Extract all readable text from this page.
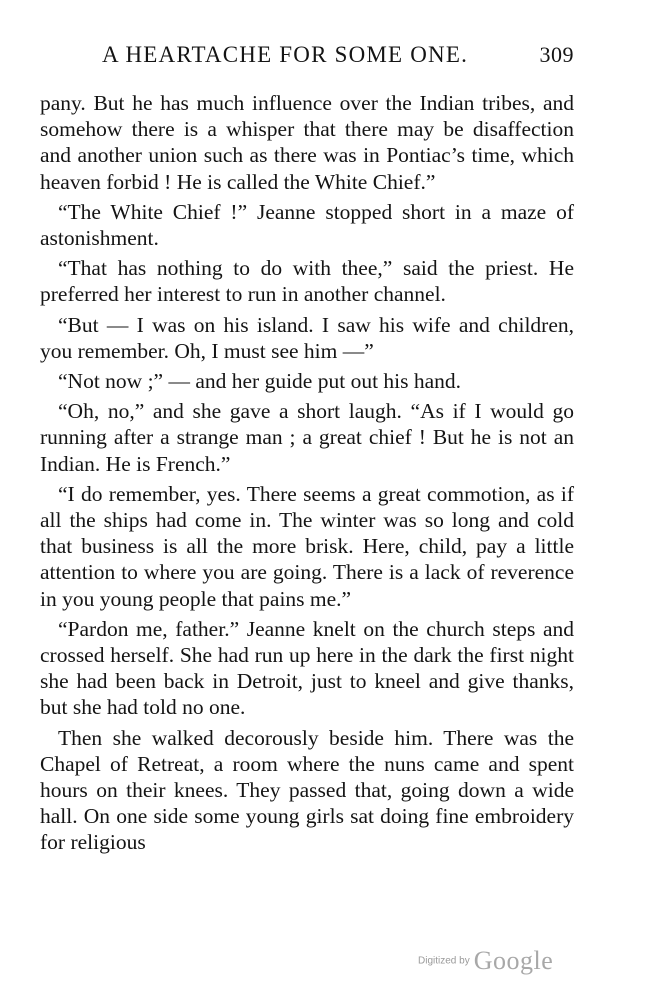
A HEARTACHE FOR SOME ONE.	309

pany. But he has much influence over the Indian tribes, and somehow there is a whisper that there may be disaffection and another union such as there was in Pontiac’s time, which heaven forbid ! He is called the White Chief.”

“The White Chief !” Jeanne stopped short in a maze of astonishment.

“That has nothing to do with thee,” said the priest. He preferred her interest to run in another channel.

“But — I was on his island. I saw his wife and children, you remember. Oh, I must see him —”

“Not now ;” — and her guide put out his hand.

“Oh, no,” and she gave a short laugh. “As if I would go running after a strange man ; a great chief ! But he is not an Indian. He is French.”

“I do remember, yes. There seems a great commotion, as if all the ships had come in. The winter was so long and cold that business is all the more brisk. Here, child, pay a little attention to where you are going. There is a lack of reverence in you young people that pains me.”

“Pardon me, father.” Jeanne knelt on the church steps and crossed herself. She had run up here in the dark the first night she had been back in Detroit, just to kneel and give thanks, but she had told no one.

Then she walked decorously beside him. There was the Chapel of Retreat, a room where the nuns came and spent hours on their knees. They passed that, going down a wide hall. On one side some young girls sat doing fine embroidery for religious

Digitized by Google
